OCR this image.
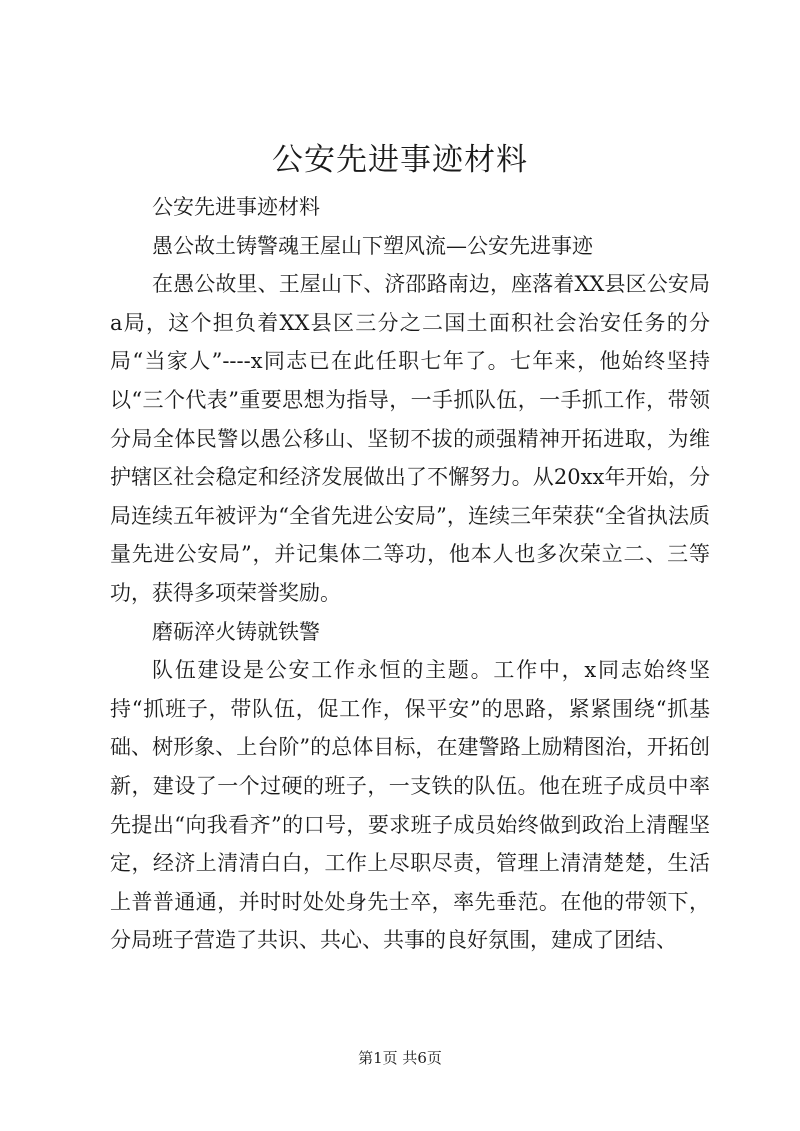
公安先进事迹材料

公安先进事迹材料

愚公故土铸警魂王屋山下塑风流—公安先进事迹

在愚公故里、王屋山下、济邵路南边，座落着XX县区公安局a局，这个担负着XX县区三分之二国土面积社会治安任务的分局“当家人”----x同志已在此任职七年了。七年来，他始终坚持以“三个代表”重要思想为指导，一手抓队伍，一手抓工作，带领分局全体民警以愚公移山、坚韧不拔的顽强精神开拓进取，为维护辖区社会稳定和经济发展做出了不懈努力。从20xx年开始，分局连续五年被评为“全省先进公安局”，连续三年荣获“全省执法质量先进公安局”，并记集体二等功，他本人也多次荣立二、三等功，获得多项荣誉奖励。

磨砺淬火铸就铁警

队伍建设是公安工作永恒的主题。工作中，x同志始终坚持“抓班子，带队伍，促工作，保平安”的思路，紧紧围绕“抓基础、树形象、上台阶”的总体目标，在建警路上励精图治，开拓创新，建设了一个过硬的班子，一支铁的队伍。他在班子成员中率先提出“向我看齐”的口号，要求班子成员始终做到政治上清醒坚定，经济上清清白白，工作上尽职尽责，管理上清清楚楚，生活上普普通通，并时时处处身先士卒，率先垂范。在他的带领下，分局班子营造了共识、共心、共事的良好氛围，建成了团结、

第1页 共6页
